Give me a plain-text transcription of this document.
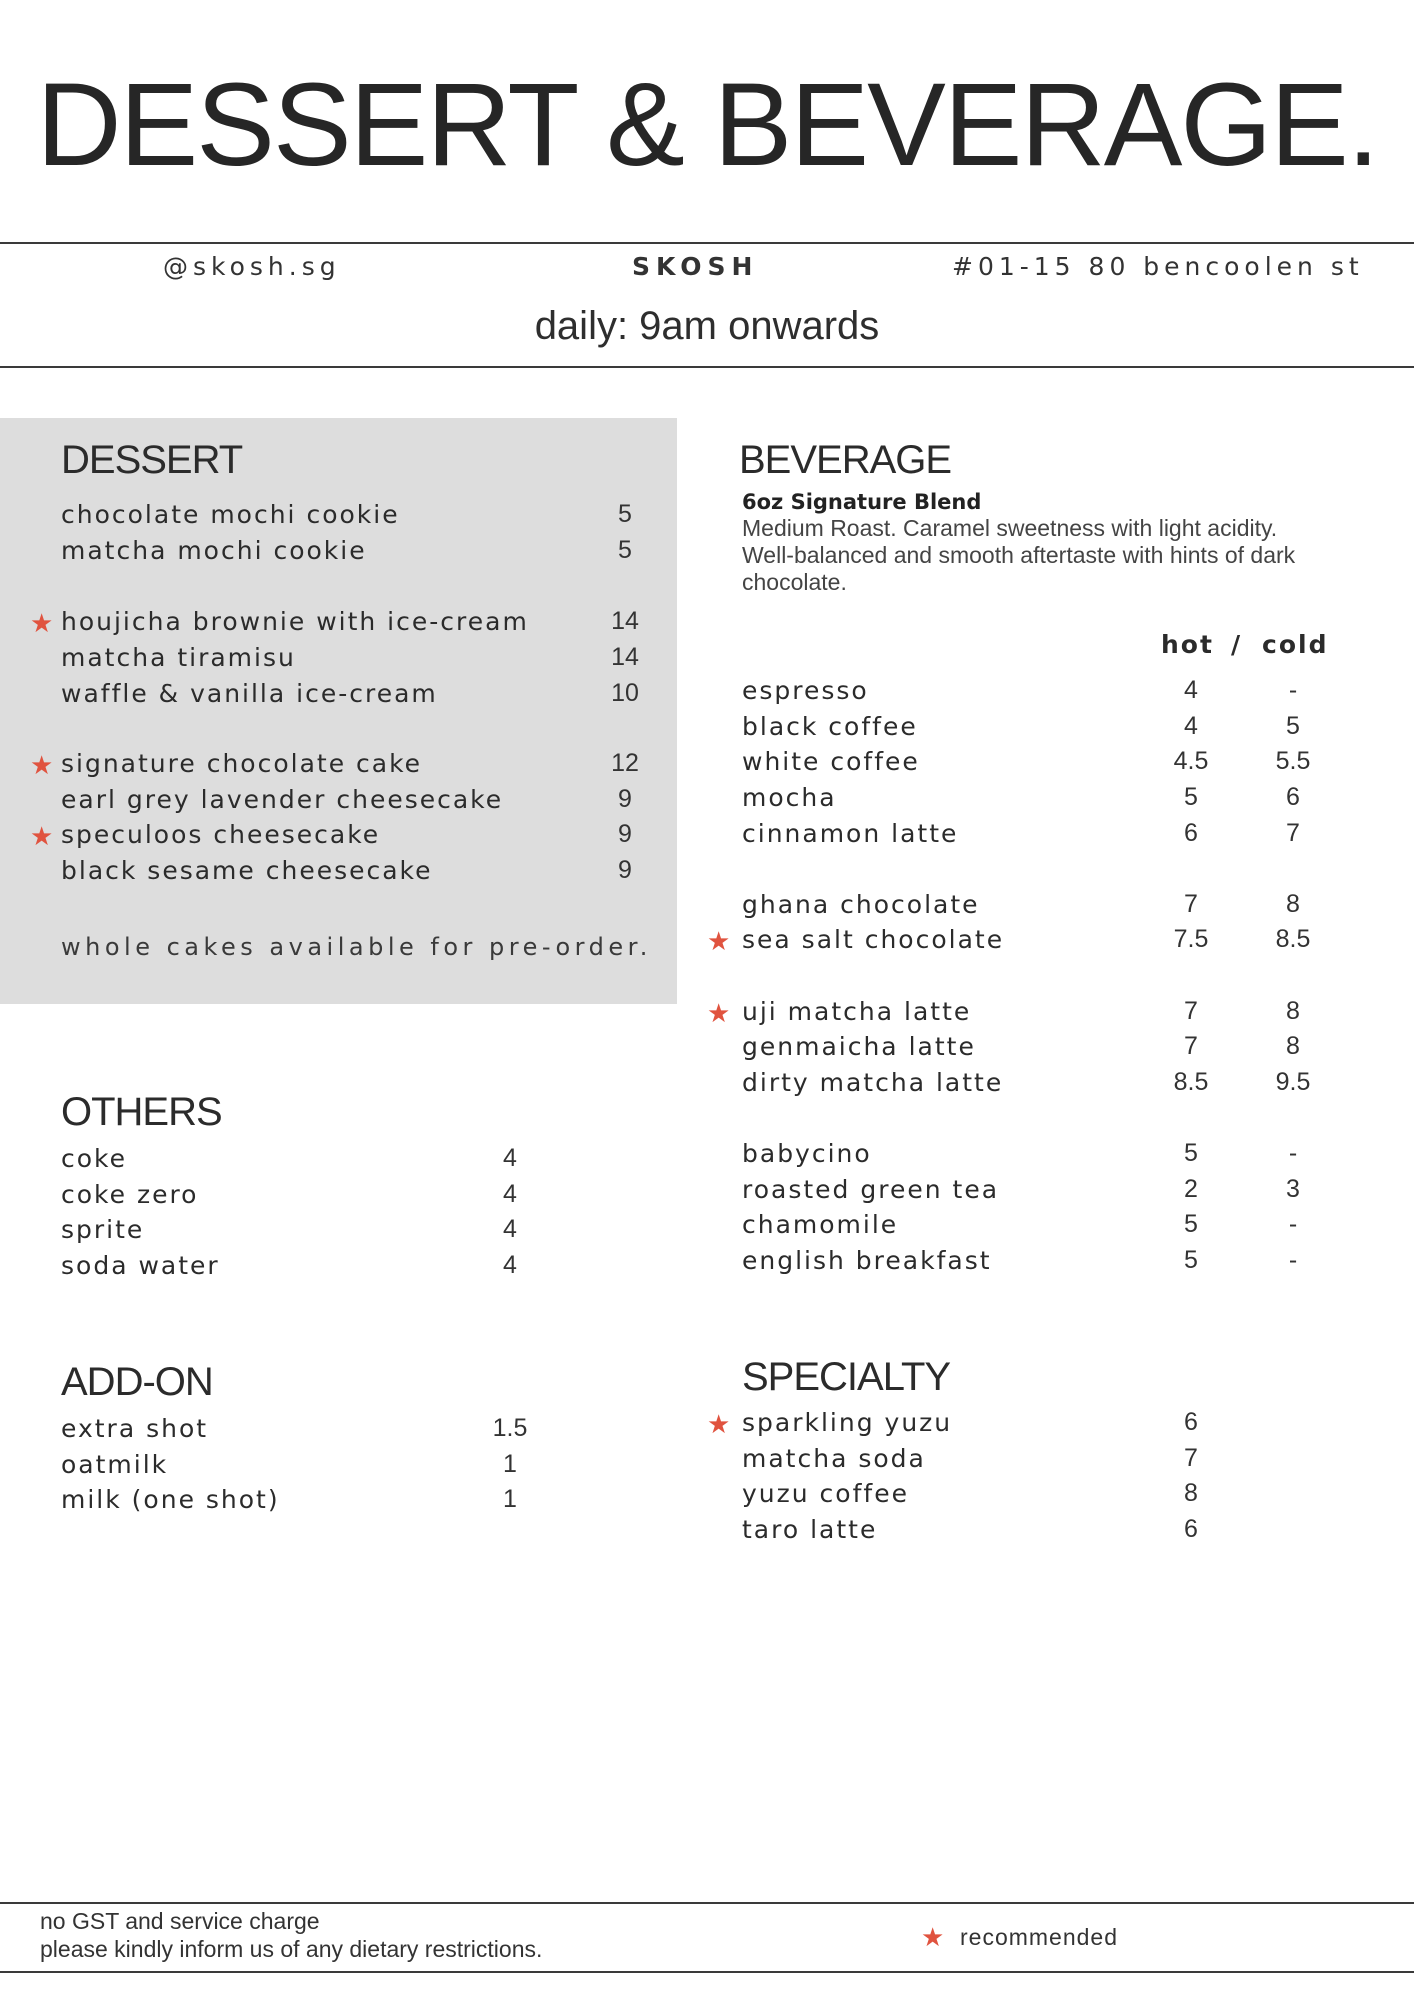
DESSERT & BEVERAGE.
@skosh.sg	SKOSH	#01-15 80 bencoolen st
daily: 9am onwards
DESSERT
chocolate mochi cookie	5
matcha mochi cookie	5
★ houjicha brownie with ice-cream	14
matcha tiramisu	14
waffle & vanilla ice-cream	10
★ signature chocolate cake	12
earl grey lavender cheesecake	9
★ speculoos cheesecake	9
black sesame cheesecake	9
whole cakes available for pre-order.
OTHERS
coke	4
coke zero	4
sprite	4
soda water	4
ADD-ON
extra shot	1.5
oatmilk	1
milk (one shot)	1
BEVERAGE
6oz Signature Blend
Medium Roast. Caramel sweetness with light acidity. Well-balanced and smooth aftertaste with hints of dark chocolate.
hot / cold
espresso	4	-
black coffee	4	5
white coffee	4.5	5.5
mocha	5	6
cinnamon latte	6	7
ghana chocolate	7	8
★ sea salt chocolate	7.5	8.5
★ uji matcha latte	7	8
genmaicha latte	7	8
dirty matcha latte	8.5	9.5
babycino	5	-
roasted green tea	2	3
chamomile	5	-
english breakfast	5	-
SPECIALTY
★ sparkling yuzu	6
matcha soda	7
yuzu coffee	8
taro latte	6
no GST and service charge
please kindly inform us of any dietary restrictions.	★ recommended
